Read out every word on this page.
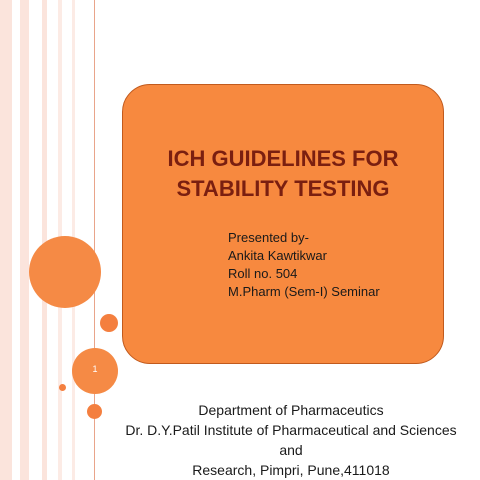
1
ICH GUIDELINES FOR
STABILITY TESTING
Presented by-
Ankita Kawtikwar
Roll no. 504
M.Pharm (Sem-I) Seminar
Department of Pharmaceutics
Dr. D.Y.Patil Institute of Pharmaceutical and Sciences and
Research, Pimpri, Pune,411018
